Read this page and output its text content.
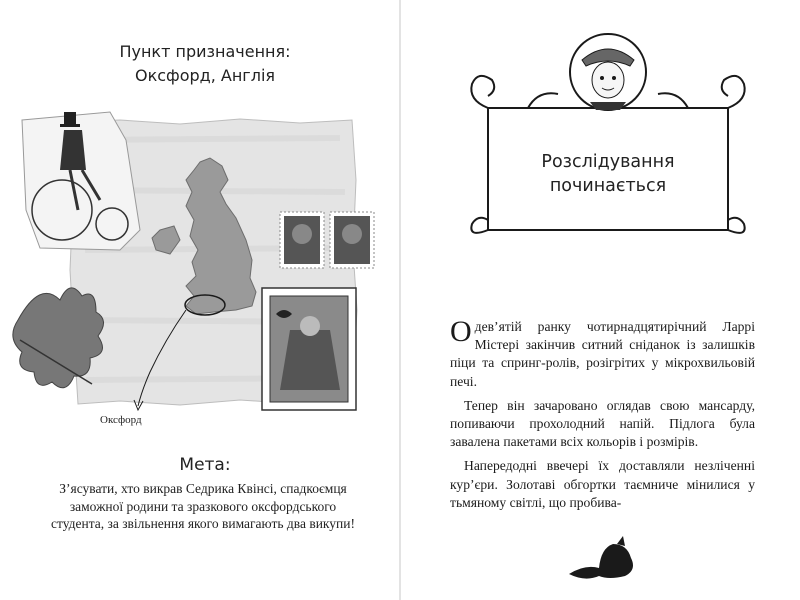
Пункт призначення:
Оксфорд, Англія
Оксфорд
Мета:
З’ясувати, хто викрав Седрика Квінсі, спадкоємця заможної родини та зразкового оксфордського студента, за звільнення якого вимагають два викупи!
Розслідування
починається

О дев’ятій ранку чотирнадцятирічний Ларрі Містері закінчив ситний сніданок із залишків піци та спринг-ролів, розігрітих у мікрохвильовій печі.

Тепер він зачаровано оглядав свою мансарду, попиваючи прохолодний напій. Підлога була завалена пакетами всіх кольорів і розмірів.

Напередодні ввечері їх доставляли незліченні кур’єри. Золотаві обгортки таємниче мінилися у тьмяному світлі, що пробива-

7
